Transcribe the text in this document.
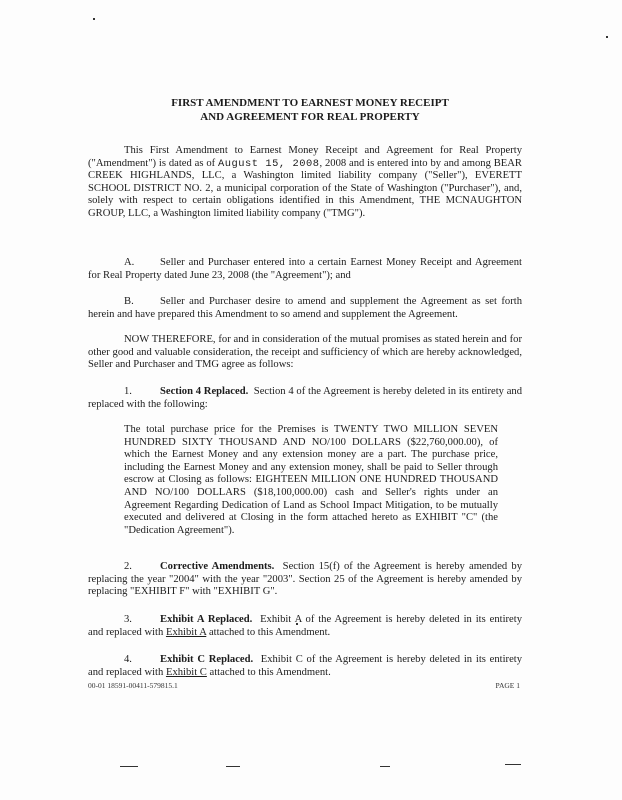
FIRST AMENDMENT TO EARNEST MONEY RECEIPT
AND AGREEMENT FOR REAL PROPERTY

This First Amendment to Earnest Money Receipt and Agreement for Real Property ("Amendment") is dated as of August 15, 2008, 2008 and is entered into by and among BEAR CREEK HIGHLANDS, LLC, a Washington limited liability company ("Seller"), EVERETT SCHOOL DISTRICT NO. 2, a municipal corporation of the State of Washington ("Purchaser"), and, solely with respect to certain obligations identified in this Amendment, THE MCNAUGHTON GROUP, LLC, a Washington limited liability company ("TMG").

A. Seller and Purchaser entered into a certain Earnest Money Receipt and Agreement for Real Property dated June 23, 2008 (the "Agreement"); and

B. Seller and Purchaser desire to amend and supplement the Agreement as set forth herein and have prepared this Amendment to so amend and supplement the Agreement.

NOW THEREFORE, for and in consideration of the mutual promises as stated herein and for other good and valuable consideration, the receipt and sufficiency of which are hereby acknowledged, Seller and Purchaser and TMG agree as follows:

1.	Section 4 Replaced. Section 4 of the Agreement is hereby deleted in its entirety and replaced with the following:

The total purchase price for the Premises is TWENTY TWO MILLION SEVEN HUNDRED SIXTY THOUSAND AND NO/100 DOLLARS ($22,760,000.00), of which the Earnest Money and any extension money are a part. The purchase price, including the Earnest Money and any extension money, shall be paid to Seller through escrow at Closing as follows: EIGHTEEN MILLION ONE HUNDRED THOUSAND AND NO/100 DOLLARS ($18,100,000.00) cash and Seller's rights under an Agreement Regarding Dedication of Land as School Impact Mitigation, to be mutually executed and delivered at Closing in the form attached hereto as EXHIBIT "C" (the "Dedication Agreement").

2.	Corrective Amendments. Section 15(f) of the Agreement is hereby amended by replacing the year "2004" with the year "2003". Section 25 of the Agreement is hereby amended by replacing "EXHIBIT F" with "EXHIBIT G".

3.	Exhibit A Replaced. Exhibit A of the Agreement is hereby deleted in its entirety and replaced with Exhibit A attached to this Amendment.

4.	Exhibit C Replaced. Exhibit C of the Agreement is hereby deleted in its entirety and replaced with Exhibit C attached to this Amendment.

00-01 18591-00411-579815.1	PAGE 1
